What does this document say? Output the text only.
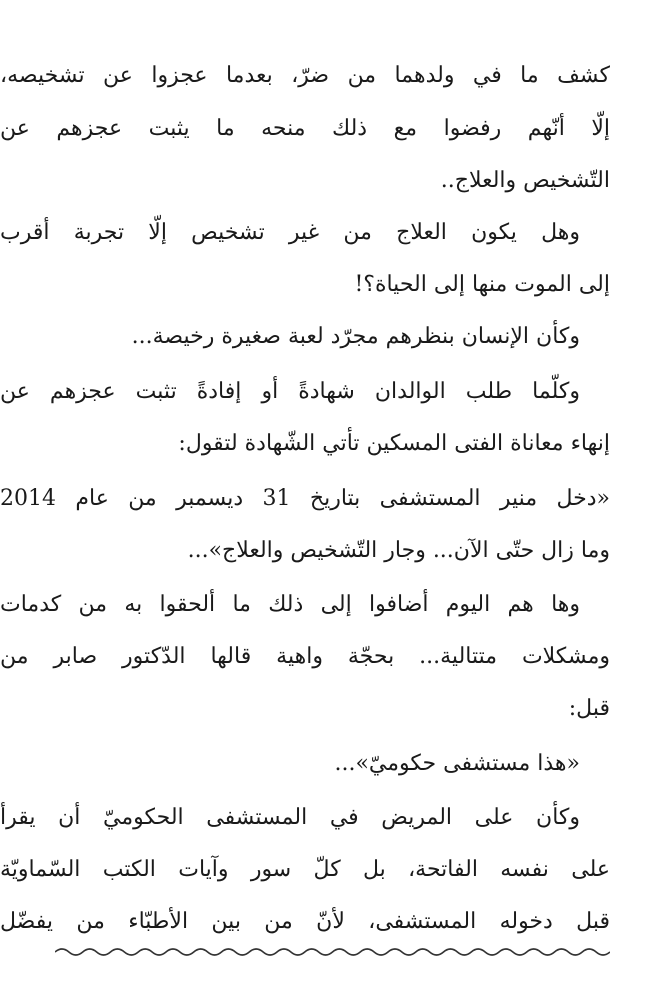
كشف ما في ولدهما من ضرّ، بعدما عجزوا عن تشخيصه،
إلّا أنّهم رفضوا مع ذلك منحه ما يثبت عجزهم عن
التّشخيص والعلاج..
وهل يكون العلاج من غير تشخيص إلّا تجربة أقرب
إلى الموت منها إلى الحياة؟!
وكأن الإنسان بنظرهم مجرّد لعبة صغيرة رخيصة...
وكلّما طلب الوالدان شهادةً أو إفادةً تثبت عجزهم عن
إنهاء معاناة الفتى المسكين تأتي الشّهادة لتقول:
«دخل منير المستشفى بتاريخ 31 ديسمبر من عام 2014
وما زال حتّى الآن... وجار التّشخيص والعلاج»...
وها هم اليوم أضافوا إلى ذلك ما ألحقوا به من كدمات
ومشكلات متتالية... بحجّة واهية قالها الدّكتور صابر من
قبل:
«هذا مستشفى حكوميّ»...
وكأن على المريض في المستشفى الحكوميّ أن يقرأ
على نفسه الفاتحة، بل كلّ سور وآيات الكتب السّماويّة
قبل دخوله المستشفى، لأنّ من بين الأطبّاء من يفضّل
